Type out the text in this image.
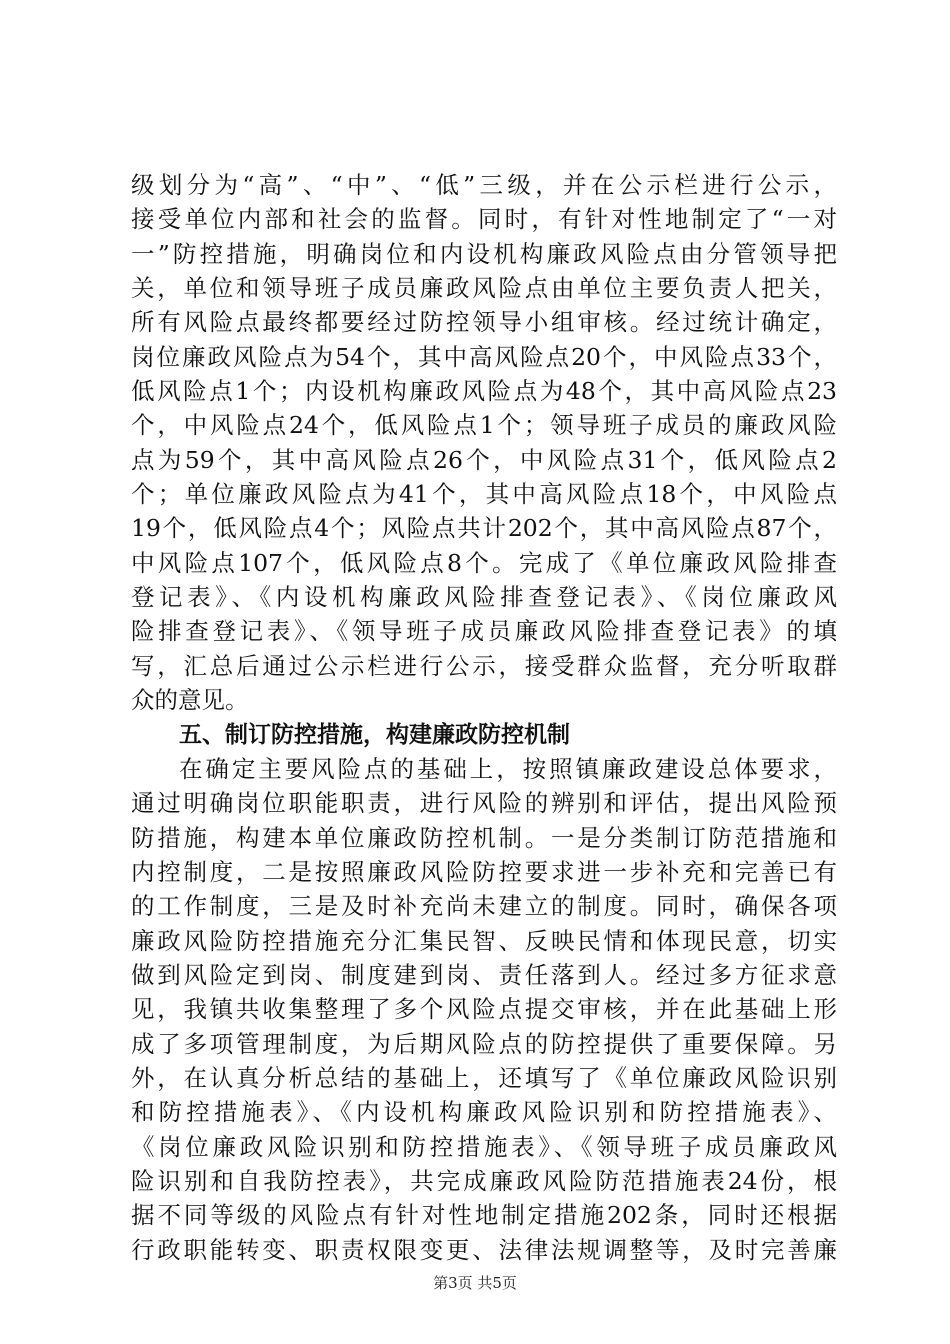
级划分为“高”、“中”、“低”三级，并在公示栏进行公示，
接受单位内部和社会的监督。同时，有针对性地制定了“一对
一”防控措施，明确岗位和内设机构廉政风险点由分管领导把
关，单位和领导班子成员廉政风险点由单位主要负责人把关，
所有风险点最终都要经过防控领导小组审核。经过统计确定，
岗位廉政风险点为54个，其中高风险点20个，中风险点33个，
低风险点1个；内设机构廉政风险点为48个，其中高风险点23
个，中风险点24个，低风险点1个；领导班子成员的廉政风险
点为59个，其中高风险点26个，中风险点31个，低风险点2
个；单位廉政风险点为41个，其中高风险点18个，中风险点
19个，低风险点4个；风险点共计202个，其中高风险点87个，
中风险点107个，低风险点8个。完成了《单位廉政风险排查
登记表》、《内设机构廉政风险排查登记表》、《岗位廉政风
险排查登记表》、《领导班子成员廉政风险排查登记表》的填
写，汇总后通过公示栏进行公示，接受群众监督，充分听取群
众的意见。
五、制订防控措施，构建廉政防控机制
在确定主要风险点的基础上，按照镇廉政建设总体要求，
通过明确岗位职能职责，进行风险的辨别和评估，提出风险预
防措施，构建本单位廉政防控机制。一是分类制订防范措施和
内控制度，二是按照廉政风险防控要求进一步补充和完善已有
的工作制度，三是及时补充尚未建立的制度。同时，确保各项
廉政风险防控措施充分汇集民智、反映民情和体现民意，切实
做到风险定到岗、制度建到岗、责任落到人。经过多方征求意
见，我镇共收集整理了多个风险点提交审核，并在此基础上形
成了多项管理制度，为后期风险点的防控提供了重要保障。另
外，在认真分析总结的基础上，还填写了《单位廉政风险识别
和防控措施表》、《内设机构廉政风险识别和防控措施表》、
《岗位廉政风险识别和防控措施表》、《领导班子成员廉政风
险识别和自我防控表》，共完成廉政风险防范措施表24份，根
据不同等级的风险点有针对性地制定措施202条，同时还根据
行政职能转变、职责权限变更、法律法规调整等，及时完善廉
第3页 共5页
